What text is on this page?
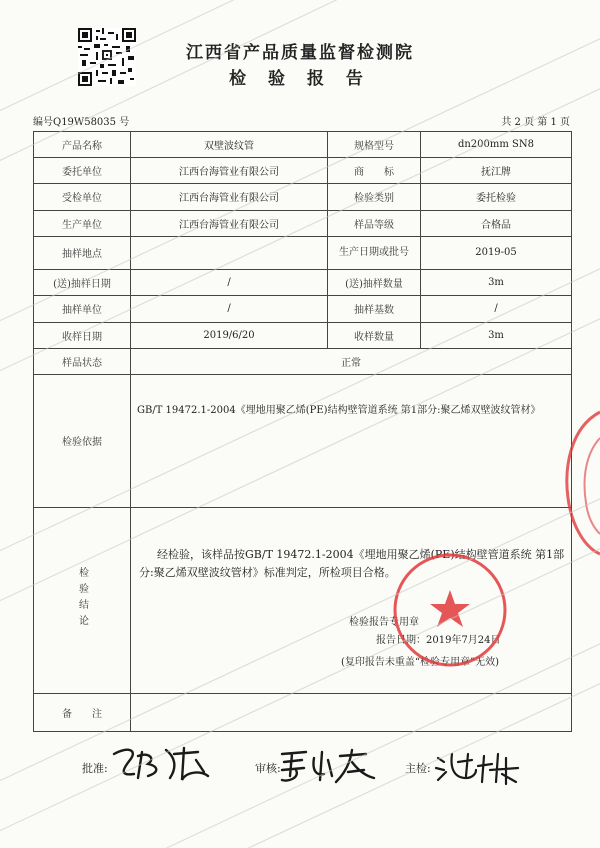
江西省产品质量监督检测院
检 验 报 告
编号Q19W58035 号	共 2 页 第 1 页
产品名称	双壁波纹管	规格型号	dn200mm SN8
委托单位	江西台海管业有限公司	商　　标	抚江牌
受检单位	江西台海管业有限公司	检验类别	委托检验
生产单位	江西台海管业有限公司	样品等级	合格品
抽样地点		生产日期或批号	2019-05
(送)抽样日期	/	(送)抽样数量	3m
抽样单位	/	抽样基数	/
收样日期	2019/6/20	收样数量	3m
样品状态	正常		
检验依据	GB/T 19472.1-2004《埋地用聚乙烯(PE)结构壁管道系统 第1部分:聚乙烯双壁波纹管材》		

检验结论	经检验，该样品按GB/T 19472.1-2004《埋地用聚乙烯(PE)结构壁管道系统 第1部分:聚乙烯双壁波纹管材》标准判定，所检项目合格。
检验报告专用章
报告日期：2019年7月24日
(复印报告未重盖“检验专用章”无效)		

备　　注			
批准:	审核:	主检:
